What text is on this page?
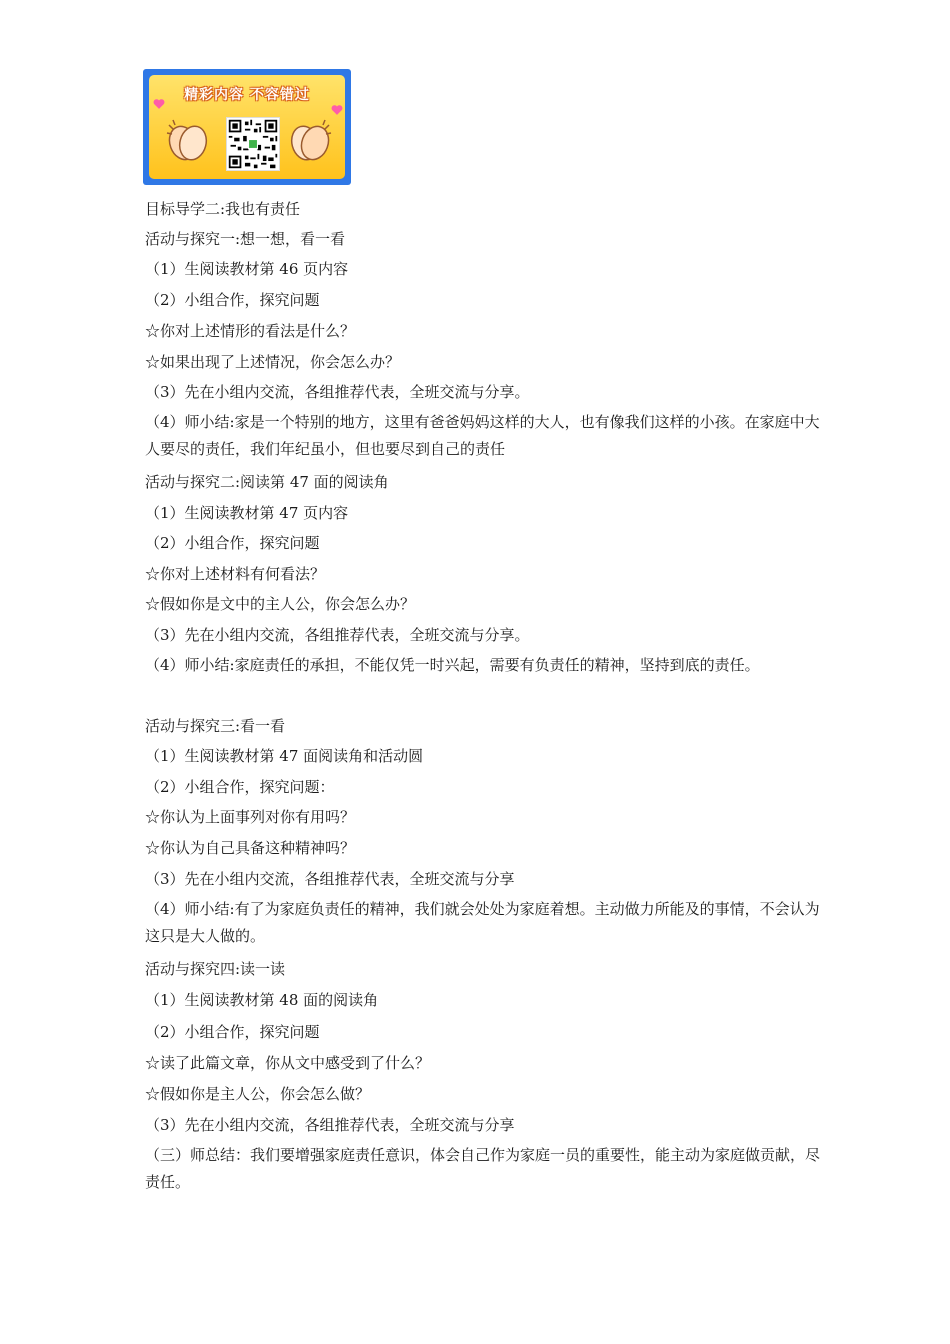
精彩内容 不容错过
目标导学二:我也有责任
活动与探究一:想一想，看一看
（1）生阅读教材第 46 页内容
（2）小组合作，探究问题
☆你对上述情形的看法是什么？
☆如果出现了上述情况，你会怎么办？
（3）先在小组内交流，各组推荐代表，全班交流与分享。
（4）师小结:家是一个特别的地方，这里有爸爸妈妈这样的大人，也有像我们这样的小孩。在家庭中大人要尽的责任，我们年纪虽小，但也要尽到自己的责任
活动与探究二:阅读第 47 面的阅读角
（1）生阅读教材第 47 页内容
（2）小组合作，探究问题
☆你对上述材料有何看法？
☆假如你是文中的主人公，你会怎么办？
（3）先在小组内交流，各组推荐代表，全班交流与分享。
（4）师小结:家庭责任的承担，不能仅凭一时兴起，需要有负责任的精神，坚持到底的责任。
活动与探究三:看一看
（1）生阅读教材第 47 面阅读角和活动圆
（2）小组合作，探究问题：
☆你认为上面事列对你有用吗？
☆你认为自己具备这种精神吗？
（3）先在小组内交流，各组推荐代表，全班交流与分享
（4）师小结:有了为家庭负责任的精神，我们就会处处为家庭着想。主动做力所能及的事情，不会认为这只是大人做的。
活动与探究四:读一读
（1）生阅读教材第 48 面的阅读角
（2）小组合作，探究问题
☆读了此篇文章，你从文中感受到了什么？
☆假如你是主人公，你会怎么做？
（3）先在小组内交流，各组推荐代表，全班交流与分享
（三）师总结：我们要增强家庭责任意识，体会自己作为家庭一员的重要性，能主动为家庭做贡献，尽责任。
